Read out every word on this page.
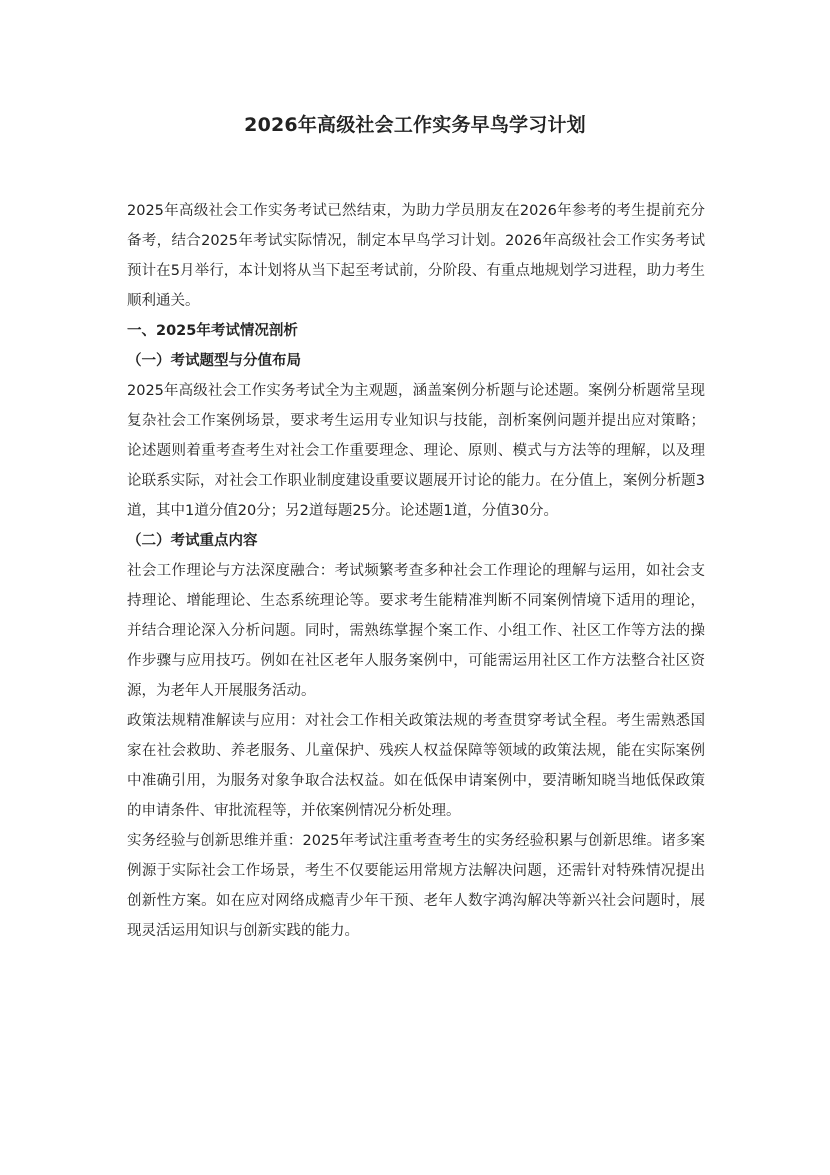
2026年高级社会工作实务早鸟学习计划

2025年高级社会工作实务考试已然结束，为助力学员朋友在2026年参考的考生提前充分备考，结合2025年考试实际情况，制定本早鸟学习计划。2026年高级社会工作实务考试预计在5月举行，本计划将从当下起至考试前，分阶段、有重点地规划学习进程，助力考生顺利通关。

一、2025年考试情况剖析

（一）考试题型与分值布局

2025年高级社会工作实务考试全为主观题，涵盖案例分析题与论述题。案例分析题常呈现复杂社会工作案例场景，要求考生运用专业知识与技能，剖析案例问题并提出应对策略；论述题则着重考查考生对社会工作重要理念、理论、原则、模式与方法等的理解，以及理论联系实际，对社会工作职业制度建设重要议题展开讨论的能力。在分值上，案例分析题3道，其中1道分值20分；另2道每题25分。论述题1道，分值30分。

（二）考试重点内容

社会工作理论与方法深度融合：考试频繁考查多种社会工作理论的理解与运用，如社会支持理论、增能理论、生态系统理论等。要求考生能精准判断不同案例情境下适用的理论，并结合理论深入分析问题。同时，需熟练掌握个案工作、小组工作、社区工作等方法的操作步骤与应用技巧。例如在社区老年人服务案例中，可能需运用社区工作方法整合社区资源，为老年人开展服务活动。

政策法规精准解读与应用：对社会工作相关政策法规的考查贯穿考试全程。考生需熟悉国家在社会救助、养老服务、儿童保护、残疾人权益保障等领域的政策法规，能在实际案例中准确引用，为服务对象争取合法权益。如在低保申请案例中，要清晰知晓当地低保政策的申请条件、审批流程等，并依案例情况分析处理。

实务经验与创新思维并重：2025年考试注重考查考生的实务经验积累与创新思维。诸多案例源于实际社会工作场景，考生不仅要能运用常规方法解决问题，还需针对特殊情况提出创新性方案。如在应对网络成瘾青少年干预、老年人数字鸿沟解决等新兴社会问题时，展现灵活运用知识与创新实践的能力。
